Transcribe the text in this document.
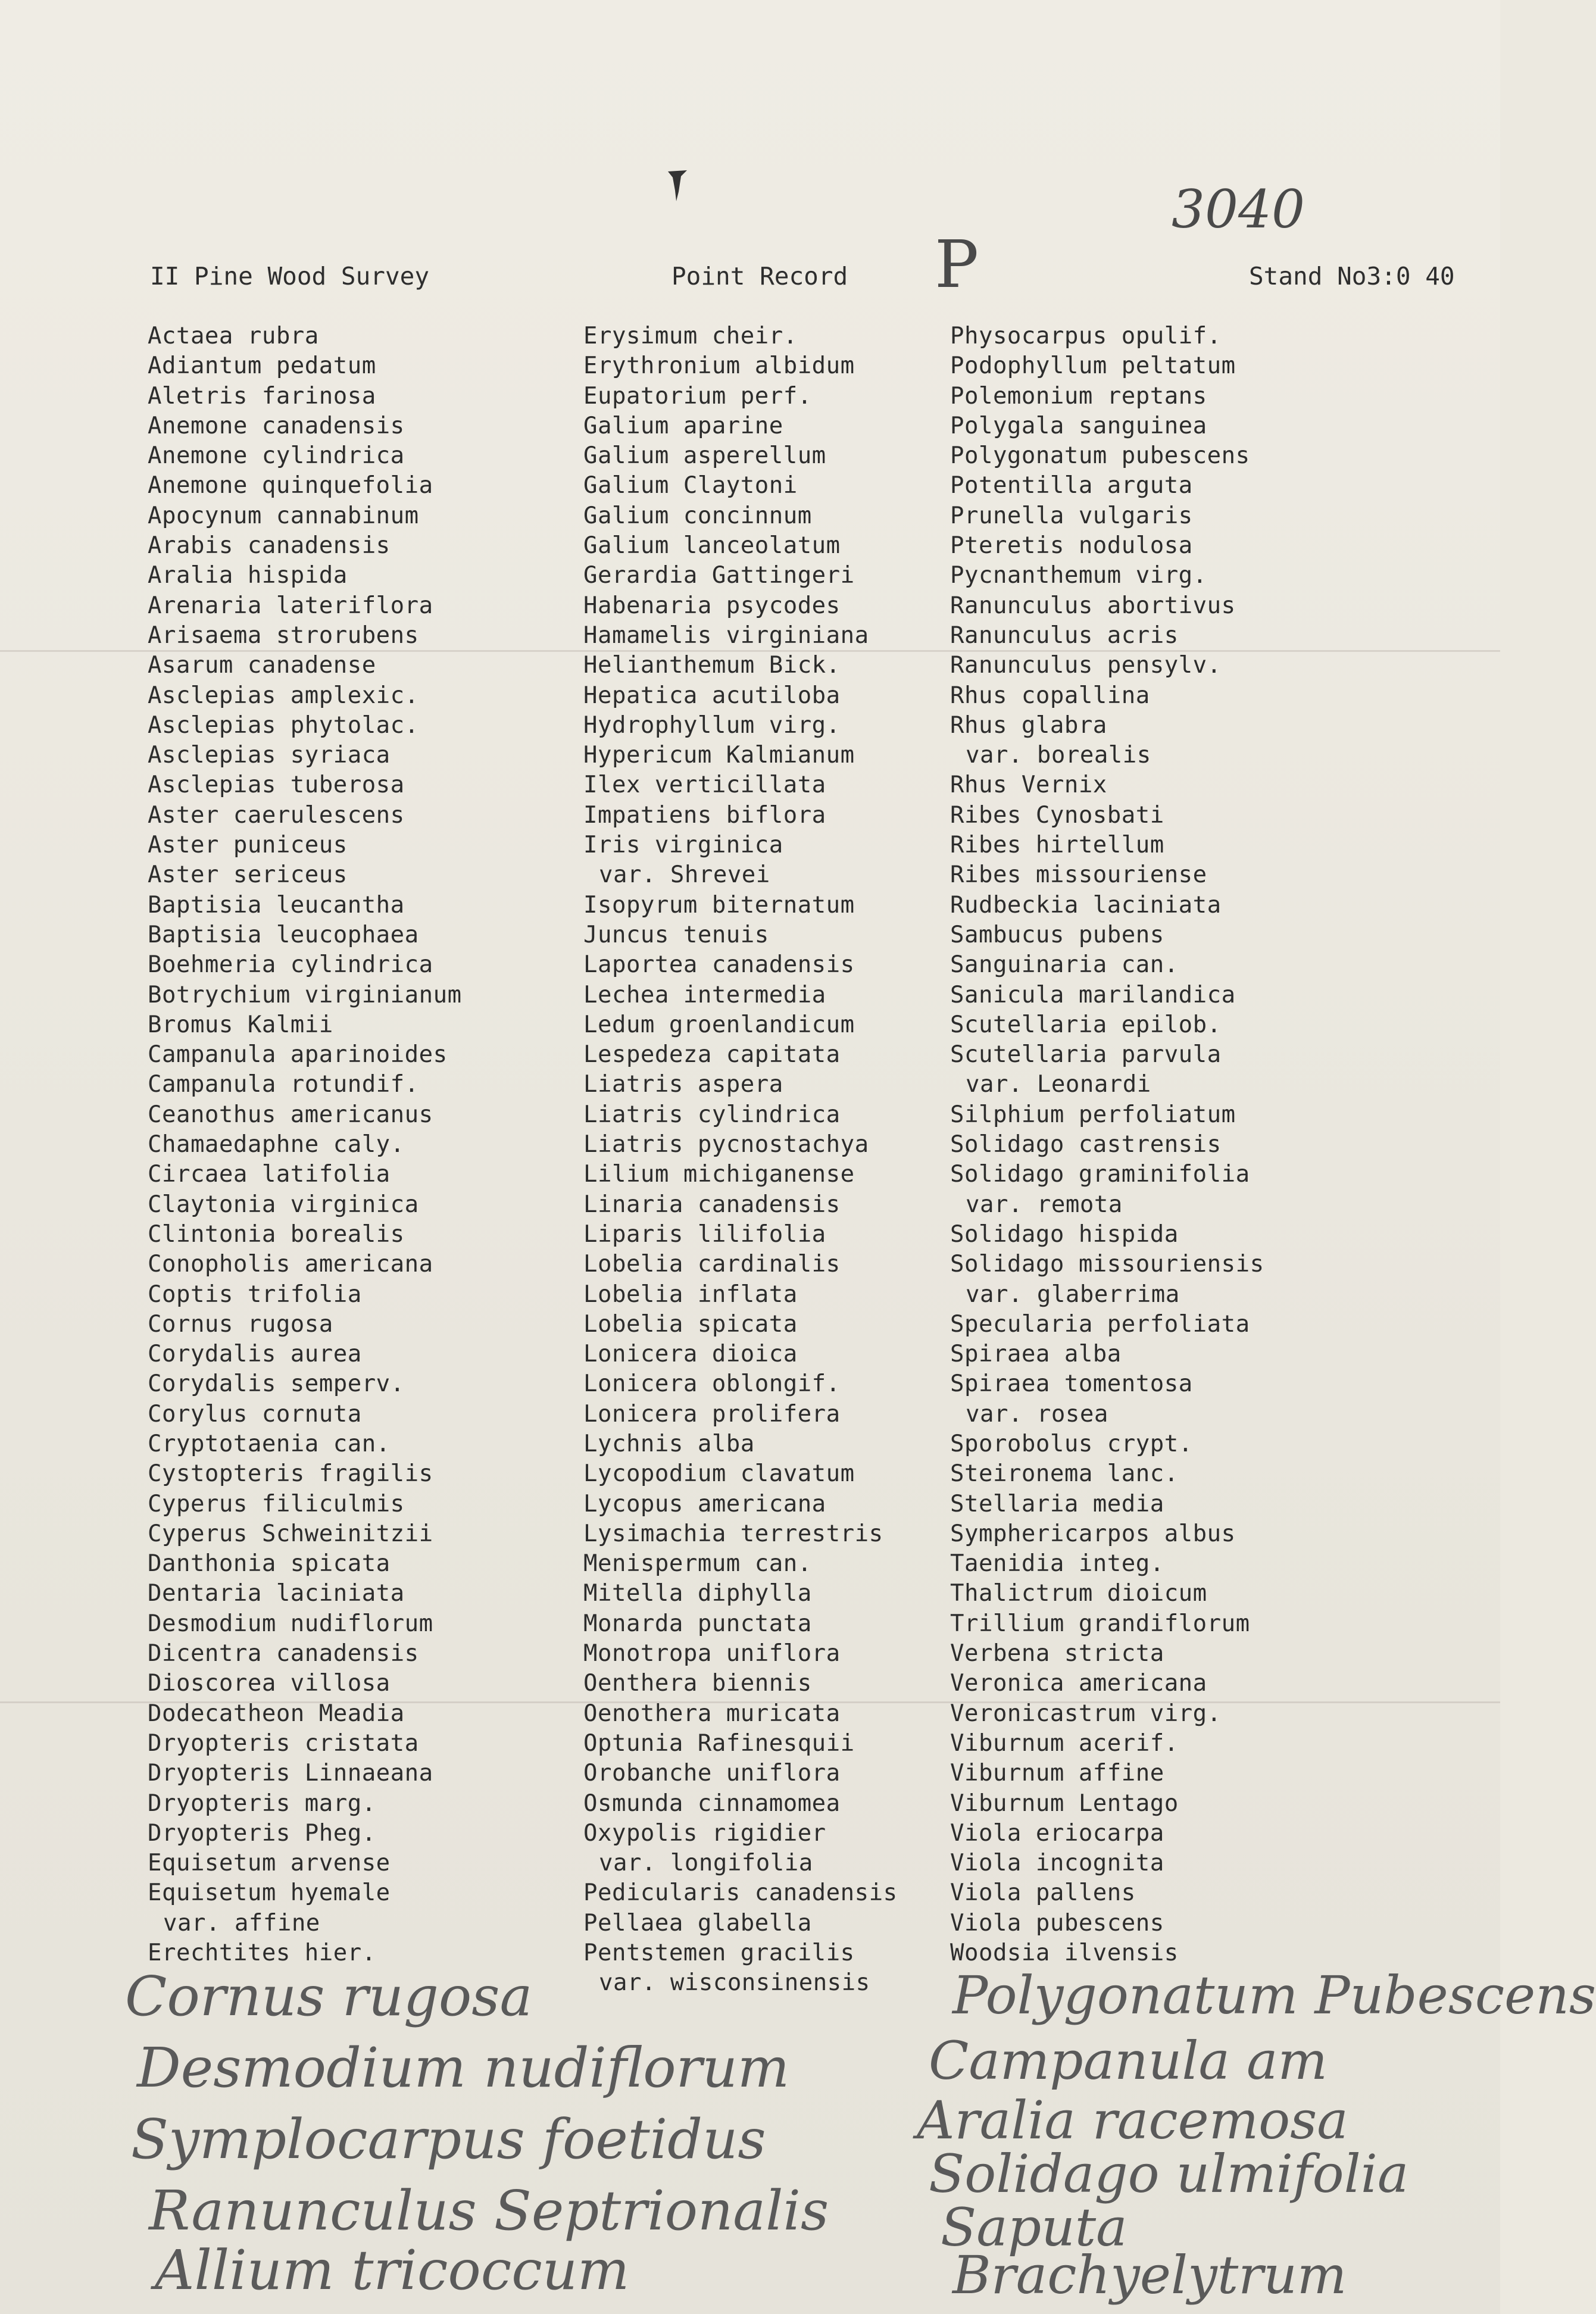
3040
P
II Pine Wood Survey	Point Record	Stand No3:0 40
Actaea rubra
Adiantum pedatum
Aletris farinosa
Anemone canadensis
Anemone cylindrica
Anemone quinquefolia
Apocynum cannabinum
Arabis canadensis
Aralia hispida
Arenaria lateriflora
Arisaema strorubens
Asarum canadense
Asclepias amplexic.
Asclepias phytolac.
Asclepias syriaca
Asclepias tuberosa
Aster caerulescens
Aster puniceus
Aster sericeus
Baptisia leucantha
Baptisia leucophaea
Boehmeria cylindrica
Botrychium virginianum
Bromus Kalmii
Campanula aparinoides
Campanula rotundif.
Ceanothus americanus
Chamaedaphne caly.
Circaea latifolia
Claytonia virginica
Clintonia borealis
Conopholis americana
Coptis trifolia
Cornus rugosa
Corydalis aurea
Corydalis semperv.
Corylus cornuta
Cryptotaenia can.
Cystopteris fragilis
Cyperus filiculmis
Cyperus Schweinitzii
Danthonia spicata
Dentaria laciniata
Desmodium nudiflorum
Dicentra canadensis
Dioscorea villosa
Dodecatheon Meadia
Dryopteris cristata
Dryopteris Linnaeana
Dryopteris marg.
Dryopteris Pheg.
Equisetum arvense
Equisetum hyemale
var. affine
Erechtites hier.
Erysimum cheir.
Erythronium albidum
Eupatorium perf.
Galium aparine
Galium asperellum
Galium Claytoni
Galium concinnum
Galium lanceolatum
Gerardia Gattingeri
Habenaria psycodes
Hamamelis virginiana
Helianthemum Bick.
Hepatica acutiloba
Hydrophyllum virg.
Hypericum Kalmianum
Ilex verticillata
Impatiens biflora
Iris virginica
var. Shrevei
Isopyrum biternatum
Juncus tenuis
Laportea canadensis
Lechea intermedia
Ledum groenlandicum
Lespedeza capitata
Liatris aspera
Liatris cylindrica
Liatris pycnostachya
Lilium michiganense
Linaria canadensis
Liparis lilifolia
Lobelia cardinalis
Lobelia inflata
Lobelia spicata
Lonicera dioica
Lonicera oblongif.
Lonicera prolifera
Lychnis alba
Lycopodium clavatum
Lycopus americana
Lysimachia terrestris
Menispermum can.
Mitella diphylla
Monarda punctata
Monotropa uniflora
Oenthera biennis
Oenothera muricata
Optunia Rafinesquii
Orobanche uniflora
Osmunda cinnamomea
Oxypolis rigidier
var. longifolia
Pedicularis canadensis
Pellaea glabella
Pentstemen gracilis
var. wisconsinensis
Physocarpus opulif.
Podophyllum peltatum
Polemonium reptans
Polygala sanguinea
Polygonatum pubescens
Potentilla arguta
Prunella vulgaris
Pteretis nodulosa
Pycnanthemum virg.
Ranunculus abortivus
Ranunculus acris
Ranunculus pensylv.
Rhus copallina
Rhus glabra
var. borealis
Rhus Vernix
Ribes Cynosbati
Ribes hirtellum
Ribes missouriense
Rudbeckia laciniata
Sambucus pubens
Sanguinaria can.
Sanicula marilandica
Scutellaria epilob.
Scutellaria parvula
var. Leonardi
Silphium perfoliatum
Solidago castrensis
Solidago graminifolia
var. remota
Solidago hispida
Solidago missouriensis
var. glaberrima
Specularia perfoliata
Spiraea alba
Spiraea tomentosa
var. rosea
Sporobolus crypt.
Steironema lanc.
Stellaria media
Symphericarpos albus
Taenidia integ.
Thalictrum dioicum
Trillium grandiflorum
Verbena stricta
Veronica americana
Veronicastrum virg.
Viburnum acerif.
Viburnum affine
Viburnum Lentago
Viola eriocarpa
Viola incognita
Viola pallens
Viola pubescens
Woodsia ilvensis
Cornus rugosa
Desmodium nudiflorum
Symplocarpus foetidus
Ranunculus Septrionalis
Allium tricoccum
Polygonatum Pubescens
Campanula am
Aralia racemosa
Solidago ulmifolia
Saputa
Brachyelytrum
